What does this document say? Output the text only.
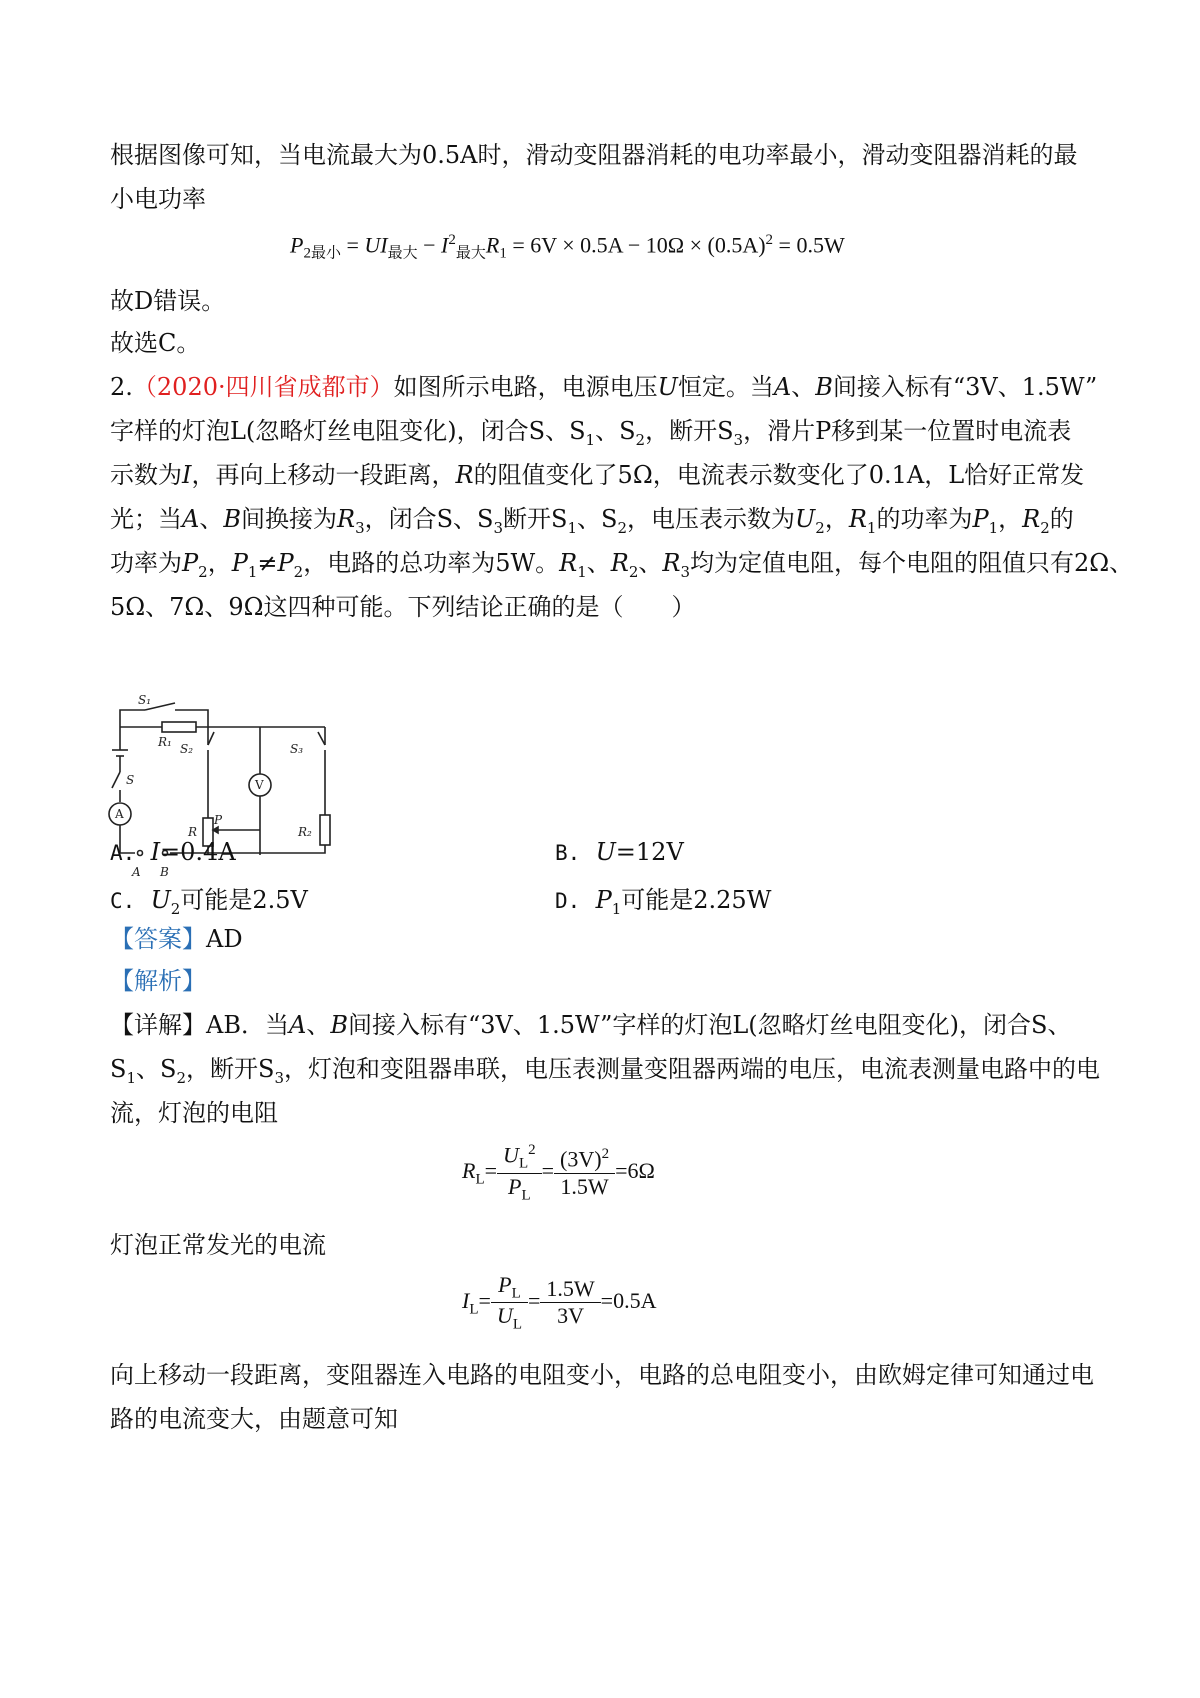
根据图像可知，当电流最大为0.5A时，滑动变阻器消耗的电功率最小，滑动变阻器消耗的最
小电功率
$P_{2最小} = UI_{最大} - I^2_{最大}R_1 = 6V \times 0.5A - 10\Omega \times (0.5A)^2 = 0.5W$
故D错误。
故选C。
2.（2020·四川省成都市）如图所示电路，电源电压U恒定。当A、B间接入标有“3V、1.5W”
字样的灯泡L(忽略灯丝电阻变化)，闭合S、$S_1$、$S_2$，断开$S_3$，滑片P移到某一位置时电流表
示数为I，再向上移动一段距离，R的阻值变化了5Ω，电流表示数变化了0.1A，L恰好正常发
光；当A、B间换接为$R_3$，闭合S、$S_3$断开$S_1$、$S_2$，电压表示数为$U_2$，$R_1$的功率为$P_1$，$R_2$的
功率为$P_2$，$P_1\ne P_2$，电路的总功率为5W。$R_1$、$R_2$、$R_3$均为定值电阻，每个电阻的阻值只有2Ω、
5Ω、7Ω、9Ω这四种可能。下列结论正确的是（　　）
S₁
R₁ S₂	S₃
S
A
V
P
R	R₂
A B
A. I=0.4A	B. U=12V
C. $U_2$可能是2.5V	D. $P_1$可能是2.25W
【答案】AD
【解析】
【详解】AB．当A、B间接入标有“3V、1.5W”字样的灯泡L(忽略灯丝电阻变化)，闭合S、
$S_1$、$S_2$，断开$S_3$，灯泡和变阻器串联，电压表测量变阻器两端的电压，电流表测量电路中的电
流，灯泡的电阻
$R_L= \frac{U_L^2}{P_L} = \frac{(3V)^2}{1.5W} =6\Omega$
灯泡正常发光的电流
$I_L= \frac{P_L}{U_L} = \frac{1.5W}{3V} =0.5A$
向上移动一段距离，变阻器连入电路的电阻变小，电路的总电阻变小，由欧姆定律可知通过电
路的电流变大，由题意可知
